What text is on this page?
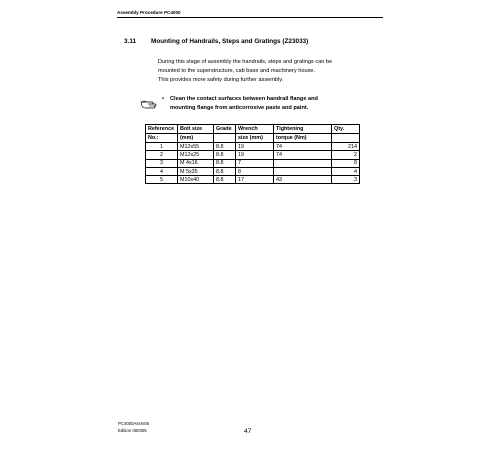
Assembly Procedure PC4000
3.11 Mounting of Handrails, Steps and Gratings (Z23033)

During this stage of assembly the handrails, steps and gratings can be

mounted to the superstructure, cab base and machinery house.

This provides more safety during further assembly.

• Clean the contact surfaces between handrail flange and

mounting flange from anticorrosive paste and paint.

Reference	Bolt size	Grade	Wrench	Tightening	Qty.
No.:	(mm)		size (mm)	torque (Nm)	
1	M12x55	8.8	19	74	214
2	M12x25	8.8	19	74	2
3	M 4x16	8.8	7		8
4	M 5x35	8.8	8		4
5	M10x40	8.8	17	43	3
PC4000Assm05
Edition 080305	47
